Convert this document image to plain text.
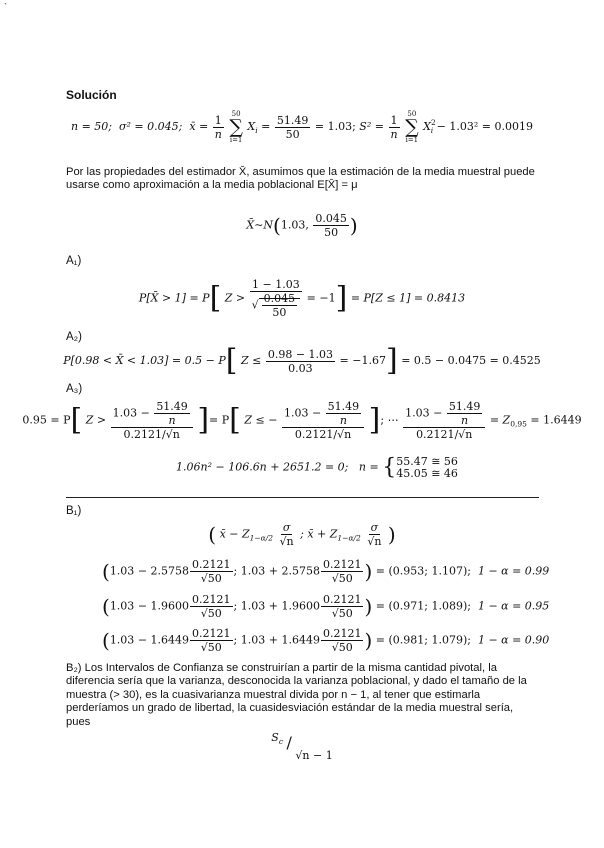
`
Solución
n = 50; σ² = 0.045; x̄ = $\frac{1}{n}$
50
∑
i=1
$X_i = \frac{51.49}{50} = 1.03$; $S^2 = \frac{1}{n}$
50
∑
i=1
$X^2_i - 1.03^2 = 0.0019$
Por las propiedades del estimador X̄, asumimos que la estimación de la media muestral puede usarse como aproximación a la media poblacional E[X̄] = μ
X̄∼N(1.03, $\frac{0.045}{50}$ )
A₁)
P[X̄ > 1] = P[ $Z > \frac{1 - 1.03}{√ \frac{0.045}{50}} = -1] = P[Z \le 1] = 0.8413$
A₂)
P[0.98 < X̄ < 1.03] = 0.5 − P[ $Z \le \frac{0.98 - 1.03}{0.03} = -1.67] = 0.5 - 0.0475 = 0.4525$
A₃)
0.95 = P[ $Z > \frac{1.03 - \frac{51.49}{n}}{0.2121/√n}$ ]= P[ Z ≤ − $\frac{1.03 - \frac{51.49}{n}}{0.2121/√n}$ ]; ⋯ $\frac{1.03 - \frac{51.49}{n}}{0.2121/√n} = Z_{0,95} = 1.6449$
1.06n² − 106.6n + 2651.2 = 0; n = { 55.47 ≅ 56
45.05 ≅ 46
B₁)
( x̄ − $Z_{1-\alpha/2} \frac{\sigma}{√n}$ ; x̄ + $Z_{1-\alpha/2} \frac{\sigma}{√n}$ )
($1.03 - 2.5758 \frac{0.2121}{√50}$ ; $1.03 + 2.5758 \frac{0.2121}{√50}$ ) = (0.953; 1.107); 1 − α = 0.99
($1.03 - 1.9600 \frac{0.2121}{√50}$ ; $1.03 + 1.9600 \frac{0.2121}{√50}$ ) = (0.971; 1.089); 1 − α = 0.95
($1.03 - 1.6449 \frac{0.2121}{√50}$ ; $1.03 + 1.6449 \frac{0.2121}{√50}$ ) = (0.981; 1.079); 1 − α = 0.90
B₂) Los Intervalos de Confianza se construirían a partir de la misma cantidad pivotal, la diferencia sería que la varianza, desconocida la varianza poblacional, y dado el tamaño de la muestra (> 30), es la cuasivarianza muestral divida por n − 1, al tener que estimarla perderíamos un grado de libertad, la cuasidesviación estándar de la media muestral sería, pues
$S_c / √n - 1$
